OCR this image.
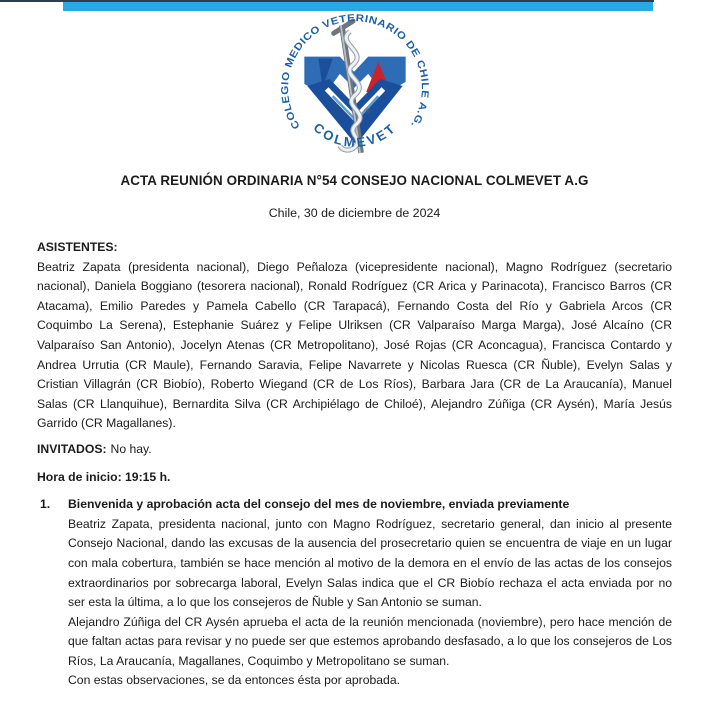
COLEGIO MEDICO VETERINARIO DE CHILE A.G.
COLMEVET
®
ACTA REUNIÓN ORDINARIA N°54 CONSEJO NACIONAL COLMEVET A.G
Chile, 30 de diciembre de 2024
ASISTENTES:

Beatriz Zapata (presidenta nacional), Diego Peñaloza (vicepresidente nacional), Magno Rodríguez (secretario nacional), Daniela Boggiano (tesorera nacional), Ronald Rodríguez (CR Arica y Parinacota), Francisco Barros (CR Atacama), Emilio Paredes y Pamela Cabello (CR Tarapacá), Fernando Costa del Río y Gabriela Arcos (CR Coquimbo La Serena), Estephanie Suárez y Felipe Ulriksen (CR Valparaíso Marga Marga), José Alcaíno (CR Valparaíso San Antonio), Jocelyn Atenas (CR Metropolitano), José Rojas (CR Aconcagua), Francisca Contardo y Andrea Urrutia (CR Maule), Fernando Saravia, Felipe Navarrete y Nicolas Ruesca (CR Ñuble), Evelyn Salas y Cristian Villagrán (CR Biobío), Roberto Wiegand (CR de Los Ríos), Barbara Jara (CR de La Araucanía), Manuel Salas (CR Llanquihue), Bernardita Silva (CR Archipiélago de Chiloé), Alejandro Zúñiga (CR Aysén), María Jesús Garrido (CR Magallanes).

INVITADOS: No hay.

Hora de inicio: 19:15 h.

1. Bienvenida y aprobación acta del consejo del mes de noviembre, enviada previamente

Beatriz Zapata, presidenta nacional, junto con Magno Rodríguez, secretario general, dan inicio al presente Consejo Nacional, dando las excusas de la ausencia del prosecretario quien se encuentra de viaje en un lugar con mala cobertura, también se hace mención al motivo de la demora en el envío de las actas de los consejos extraordinarios por sobrecarga laboral, Evelyn Salas indica que el CR Biobío rechaza el acta enviada por no ser esta la última, a lo que los consejeros de Ñuble y San Antonio se suman.

Alejandro Zúñiga del CR Aysén aprueba el acta de la reunión mencionada (noviembre), pero hace mención de que faltan actas para revisar y no puede ser que estemos aprobando desfasado, a lo que los consejeros de Los Ríos, La Araucanía, Magallanes, Coquimbo y Metropolitano se suman.

Con estas observaciones, se da entonces ésta por aprobada.
